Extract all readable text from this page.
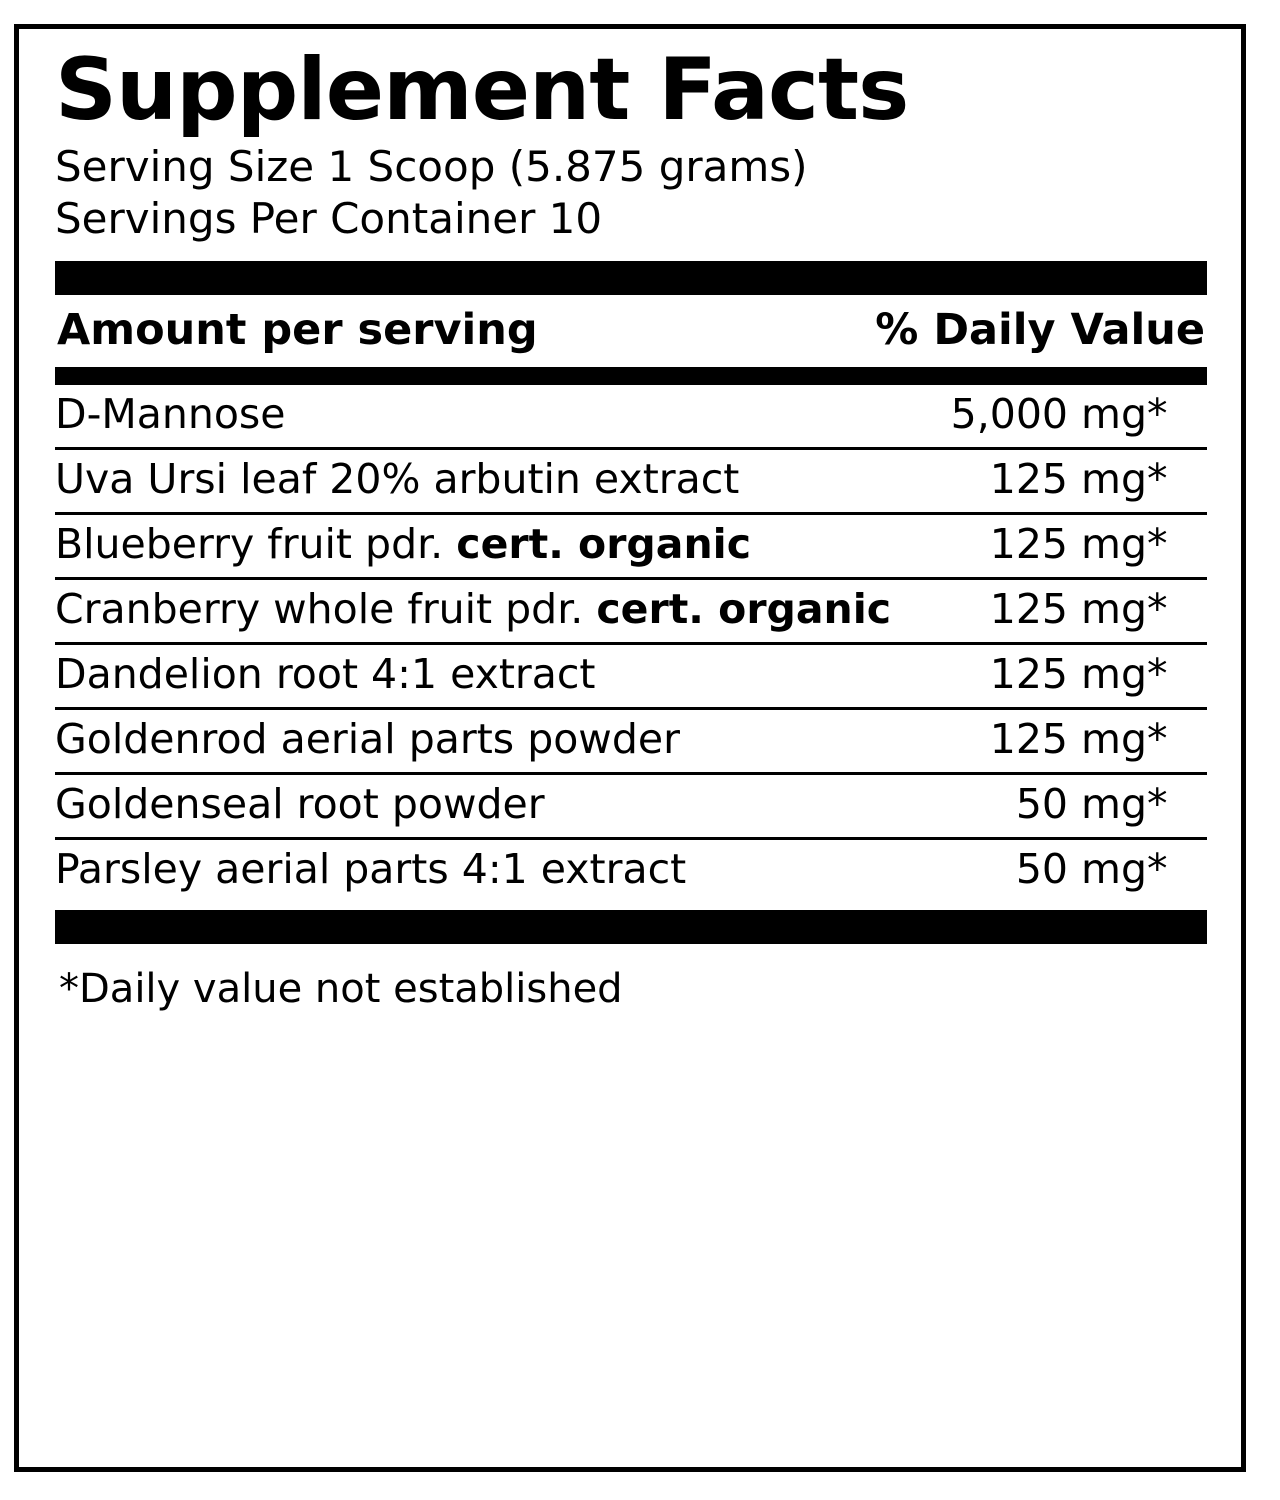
Supplement Facts
Serving Size 1 Scoop (5.875 grams)
Servings Per Container 10
Amount per serving	% Daily Value
D-Mannose	5,000 mg	*
Uva Ursi leaf 20% arbutin extract	125 mg	*
Blueberry fruit pdr. cert. organic	125 mg	*
Cranberry whole fruit pdr. cert. organic	125 mg	*
Dandelion root 4:1 extract	125 mg	*
Goldenrod aerial parts powder	125 mg	*
Goldenseal root powder	50 mg	*
Parsley aerial parts 4:1 extract	50 mg	*
*Daily value not established
